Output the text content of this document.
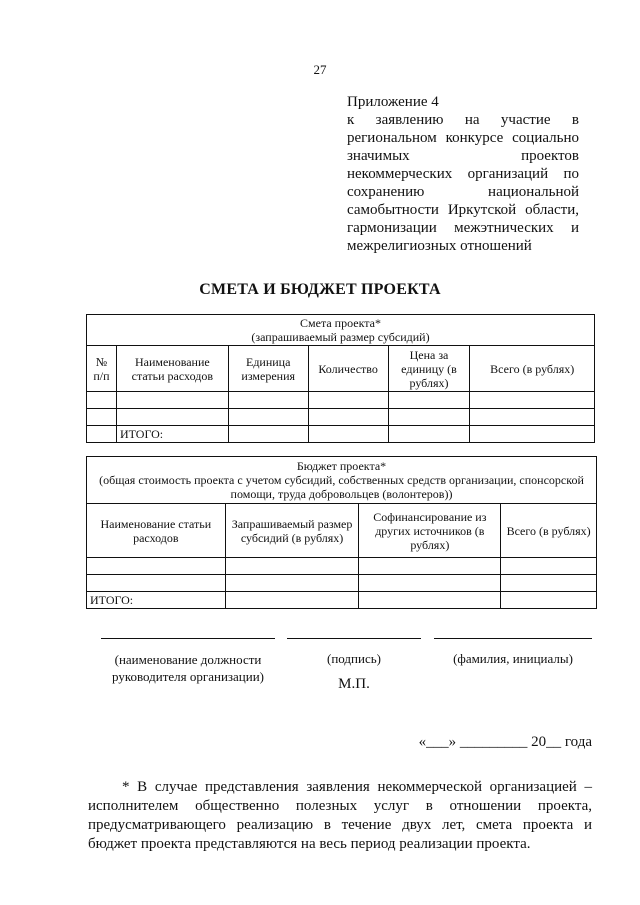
27
Приложение 4
к заявлению на участие в
региональном конкурсе социально
значимых проектов
некоммерческих организаций по
сохранению национальной
самобытности Иркутской области,
гармонизации межэтнических и
межрелигиозных отношений
СМЕТА И БЮДЖЕТ ПРОЕКТА
Смета проекта*
(запрашиваемый размер субсидий)					

№ п/п	Наименование статьи расходов	Единица измерения	Количество	Цена за единицу (в рублях)	Всего (в рублях)

	ИТОГО:				
Бюджет проекта*
(общая стоимость проекта с учетом субсидий, собственных средств организации, спонсорской помощи, труда добровольцев (волонтеров))			

Наименование статьи расходов	Запрашиваемый размер субсидий (в рублях)	Софинансирование из других источников (в рублях)	Всего (в рублях)

ИТОГО:			
(наименование должности руководителя организации)
(подпись)	(фамилия, инициалы)
М.П.
«___» _________ 20__ года
* В случае представления заявления некоммерческой организацией –
исполнителем общественно полезных услуг в отношении проекта,
предусматривающего реализацию в течение двух лет, смета проекта и
бюджет проекта представляются на весь период реализации проекта.
